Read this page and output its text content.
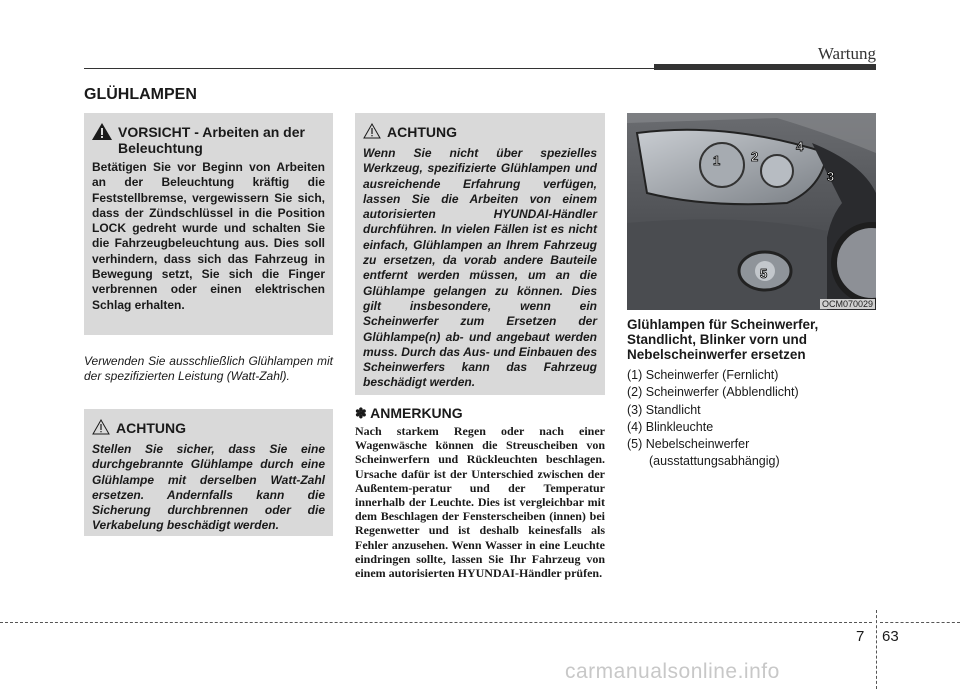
Wartung
GLÜHLAMPEN
VORSICHT - Arbeiten an der Beleuchtung
Betätigen Sie vor Beginn von Arbeiten an der Beleuchtung kräftig die Feststellbremse, vergewissern Sie sich, dass der Zündschlüssel in die Position LOCK gedreht wurde und schalten Sie die Fahrzeugbeleuchtung aus. Dies soll verhindern, dass sich das Fahrzeug in Bewegung setzt, Sie sich die Finger verbrennen oder einen elektrischen Schlag erhalten.
Verwenden Sie ausschließlich Glühlampen mit der spezifizierten Leistung (Watt-Zahl).
ACHTUNG
Stellen Sie sicher, dass Sie eine durchgebrannte Glühlampe durch eine Glühlampe mit derselben Watt-Zahl ersetzen. Andernfalls kann die Sicherung durchbrennen oder die Verkabelung beschädigt werden.
ACHTUNG
Wenn Sie nicht über spezielles Werkzeug, spezifizierte Glühlampen und ausreichende Erfahrung verfügen, lassen Sie die Arbeiten von einem autorisierten HYUNDAI-Händler durchführen. In vielen Fällen ist es nicht einfach, Glühlampen an Ihrem Fahrzeug zu ersetzen, da vorab andere Bauteile entfernt werden müssen, um an die Glühlampe gelangen zu können. Dies gilt insbesondere, wenn ein Scheinwerfer zum Ersetzen der Glühlampe(n) ab- und angebaut werden muss. Durch das Aus- und Einbauen des Scheinwerfers kann das Fahrzeug beschädigt werden.
✽ ANMERKUNG
Nach starkem Regen oder nach einer Wagenwäsche können die Streuscheiben von Scheinwerfern und Rückleuchten beschlagen. Ursache dafür ist der Unterschied zwischen der Außentem-peratur und der Temperatur innerhalb der Leuchte. Dies ist vergleichbar mit dem Beschlagen der Fensterscheiben (innen) bei Regenwetter und ist deshalb keinesfalls als Fehler anzusehen. Wenn Wasser in eine Leuchte eindringen sollte, lassen Sie Ihr Fahrzeug von einem autorisierten HYUNDAI-Händler prüfen.
1 2
3
4
5
OCM070029
Glühlampen für Scheinwerfer, Standlicht, Blinker vorn und Nebelscheinwerfer ersetzen
(1) Scheinwerfer (Fernlicht)
(2) Scheinwerfer (Abblendlicht)
(3) Standlicht
(4) Blinkleuchte
(5) Nebelscheinwerfer
(ausstattungsabhängig)
7 63
carmanualsonline.info
